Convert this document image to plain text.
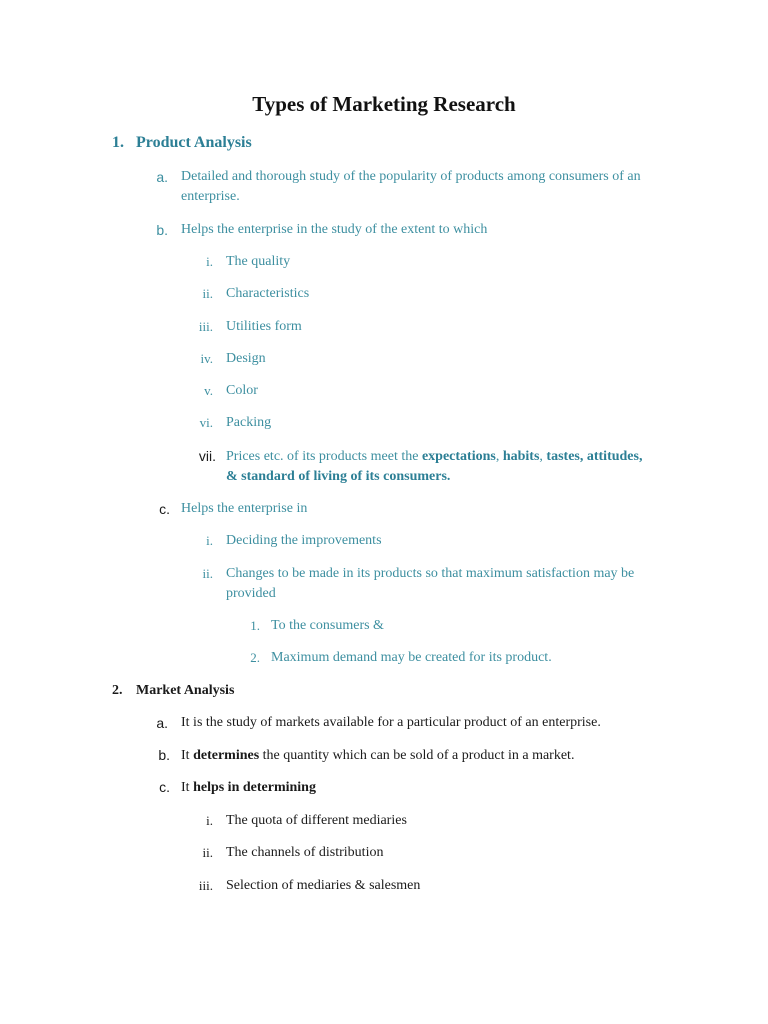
Types of Marketing Research
1. Product Analysis
a. Detailed and thorough study of the popularity of products among consumers of an
enterprise.
b. Helps the enterprise in the study of the extent to which
i. The quality
ii. Characteristics
iii. Utilities form
iv. Design
v. Color
vi. Packing
vii. Prices etc. of its products meet the expectations, habits, tastes, attitudes,
& standard of living of its consumers.
c. Helps the enterprise in
i. Deciding the improvements
ii. Changes to be made in its products so that maximum satisfaction may be
provided
1. To the consumers &
2. Maximum demand may be created for its product.
2. Market Analysis
a. It is the study of markets available for a particular product of an enterprise.
b. It determines the quantity which can be sold of a product in a market.
c. It helps in determining
i. The quota of different mediaries
ii. The channels of distribution
iii. Selection of mediaries & salesmen
